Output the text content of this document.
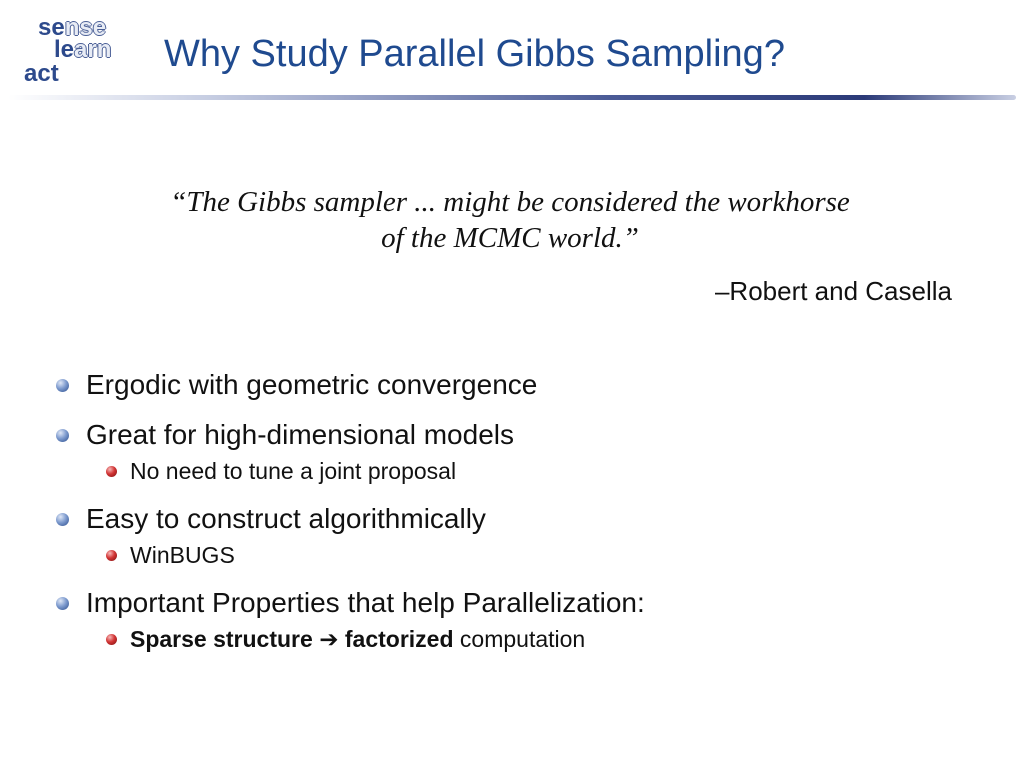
sense
learn
act	Why Study Parallel Gibbs Sampling?
“The Gibbs sampler ... might be considered the workhorse
of the MCMC world.”
–Robert and Casella
Ergodic with geometric convergence
Great for high-dimensional models
No need to tune a joint proposal
Easy to construct algorithmically
WinBUGS
Important Properties that help Parallelization:
Sparse structure ➔ factorized computation
